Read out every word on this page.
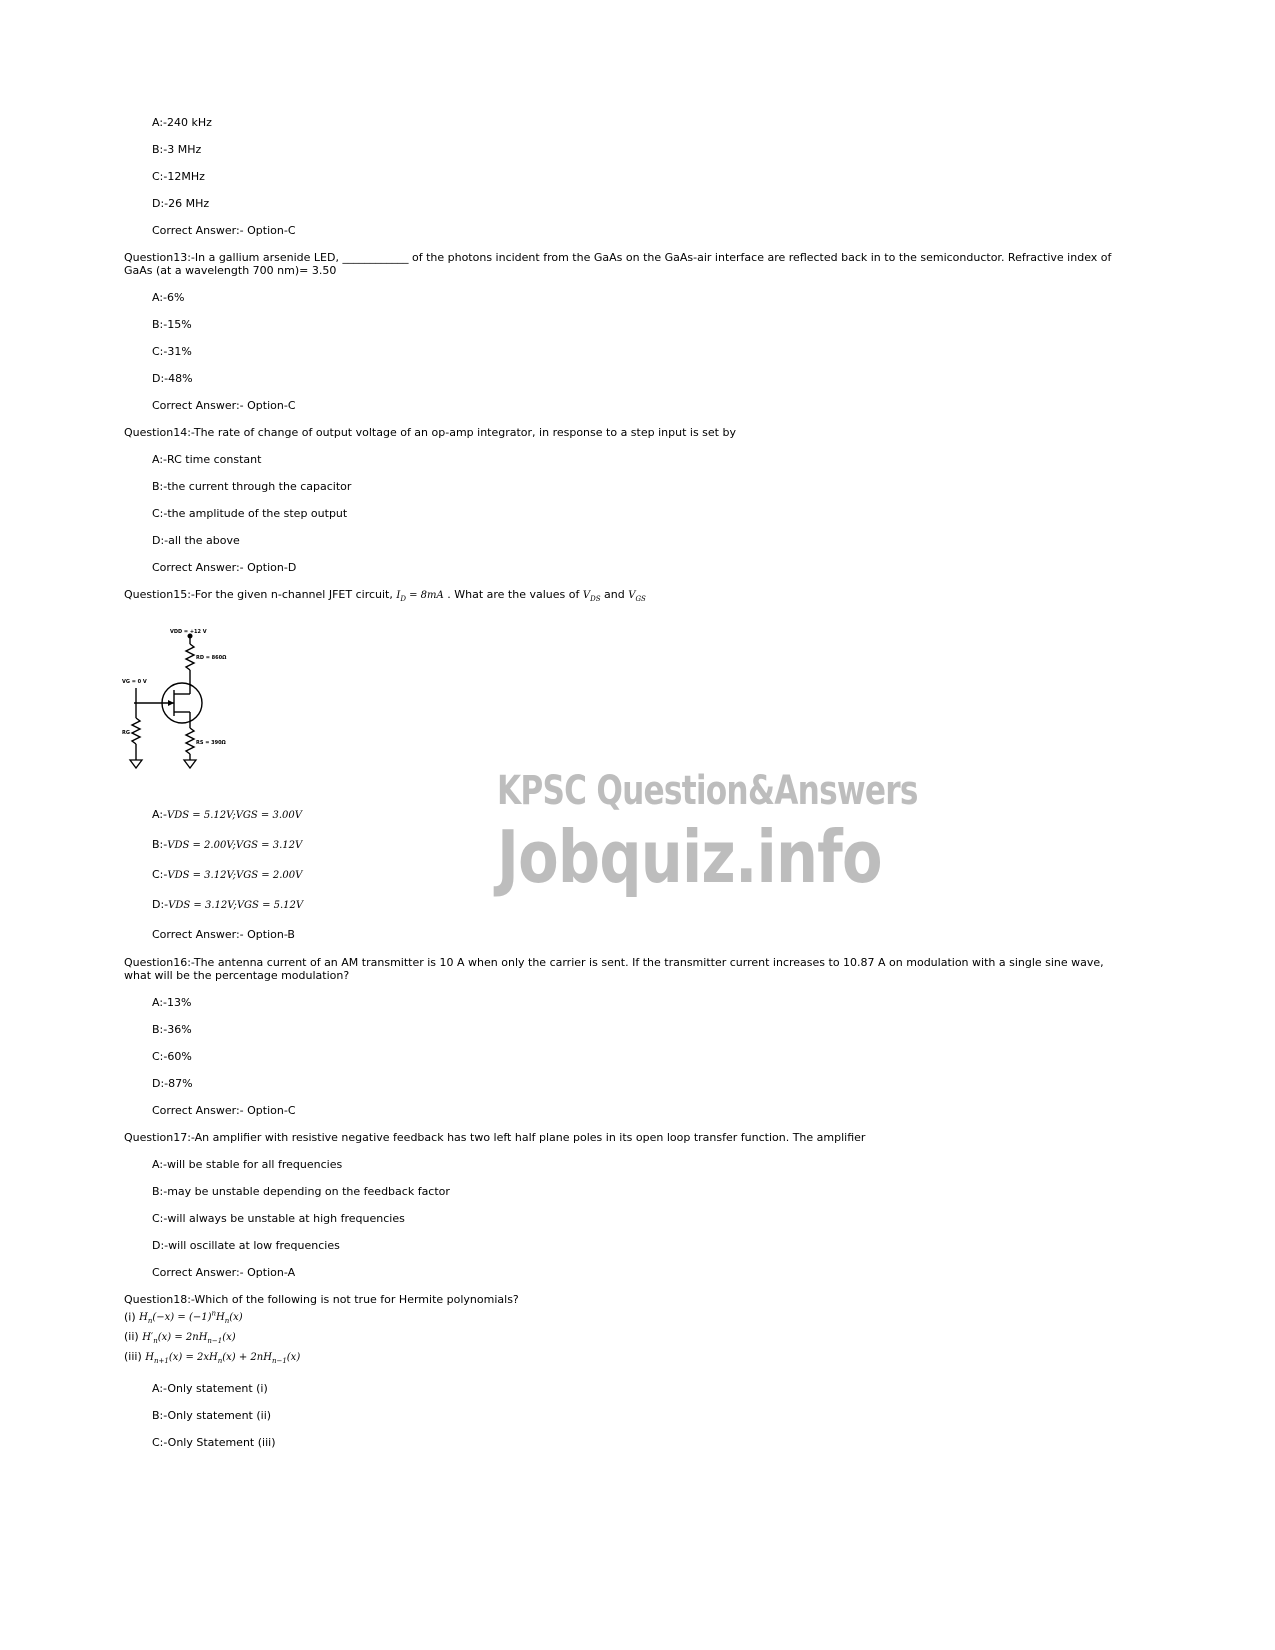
A:-240 kHz
B:-3 MHz
C:-12MHz
D:-26 MHz
Correct Answer:- Option-C
Question13:-In a gallium arsenide LED, ____________ of the photons incident from the GaAs on the GaAs-air interface are reflected back in to the semiconductor. Refractive index of GaAs (at a wavelength 700 nm)= 3.50
A:-6%
B:-15%
C:-31%
D:-48%
Correct Answer:- Option-C
Question14:-The rate of change of output voltage of an op-amp integrator, in response to a step input is set by
A:-RC time constant
B:-the current through the capacitor
C:-the amplitude of the step output
D:-all the above
Correct Answer:- Option-D
Question15:-For the given n-channel JFET circuit, $I_D = 8mA$ . What are the values of $V_{DS}$ and $V_{GS}$
VDD = +12 V
RD = 860Ω
VG = 0 V
RG
RS = 390Ω
A:-VDS = 5.12V;VGS = 3.00V
B:-VDS = 2.00V;VGS = 3.12V
C:-VDS = 3.12V;VGS = 2.00V
D:-VDS = 3.12V;VGS = 5.12V
Correct Answer:- Option-B
KPSC Question&Answers
Jobquiz.info
Question16:-The antenna current of an AM transmitter is 10 A when only the carrier is sent. If the transmitter current increases to 10.87 A on modulation with a single sine wave, what will be the percentage modulation?
A:-13%
B:-36%
C:-60%
D:-87%
Correct Answer:- Option-C
Question17:-An amplifier with resistive negative feedback has two left half plane poles in its open loop transfer function. The amplifier
A:-will be stable for all frequencies
B:-may be unstable depending on the feedback factor
C:-will always be unstable at high frequencies
D:-will oscillate at low frequencies
Correct Answer:- Option-A
Question18:-Which of the following is not true for Hermite polynomials?
(i) $H_n(-x) = (-1)^nH_n(x)$
(ii) $H'_n(x) = 2nH_{n-1}(x)$
(iii) $H_{n+1}(x) = 2xH_n(x) + 2nH_{n-1}(x)$
A:-Only statement (i)
B:-Only statement (ii)
C:-Only Statement (iii)
